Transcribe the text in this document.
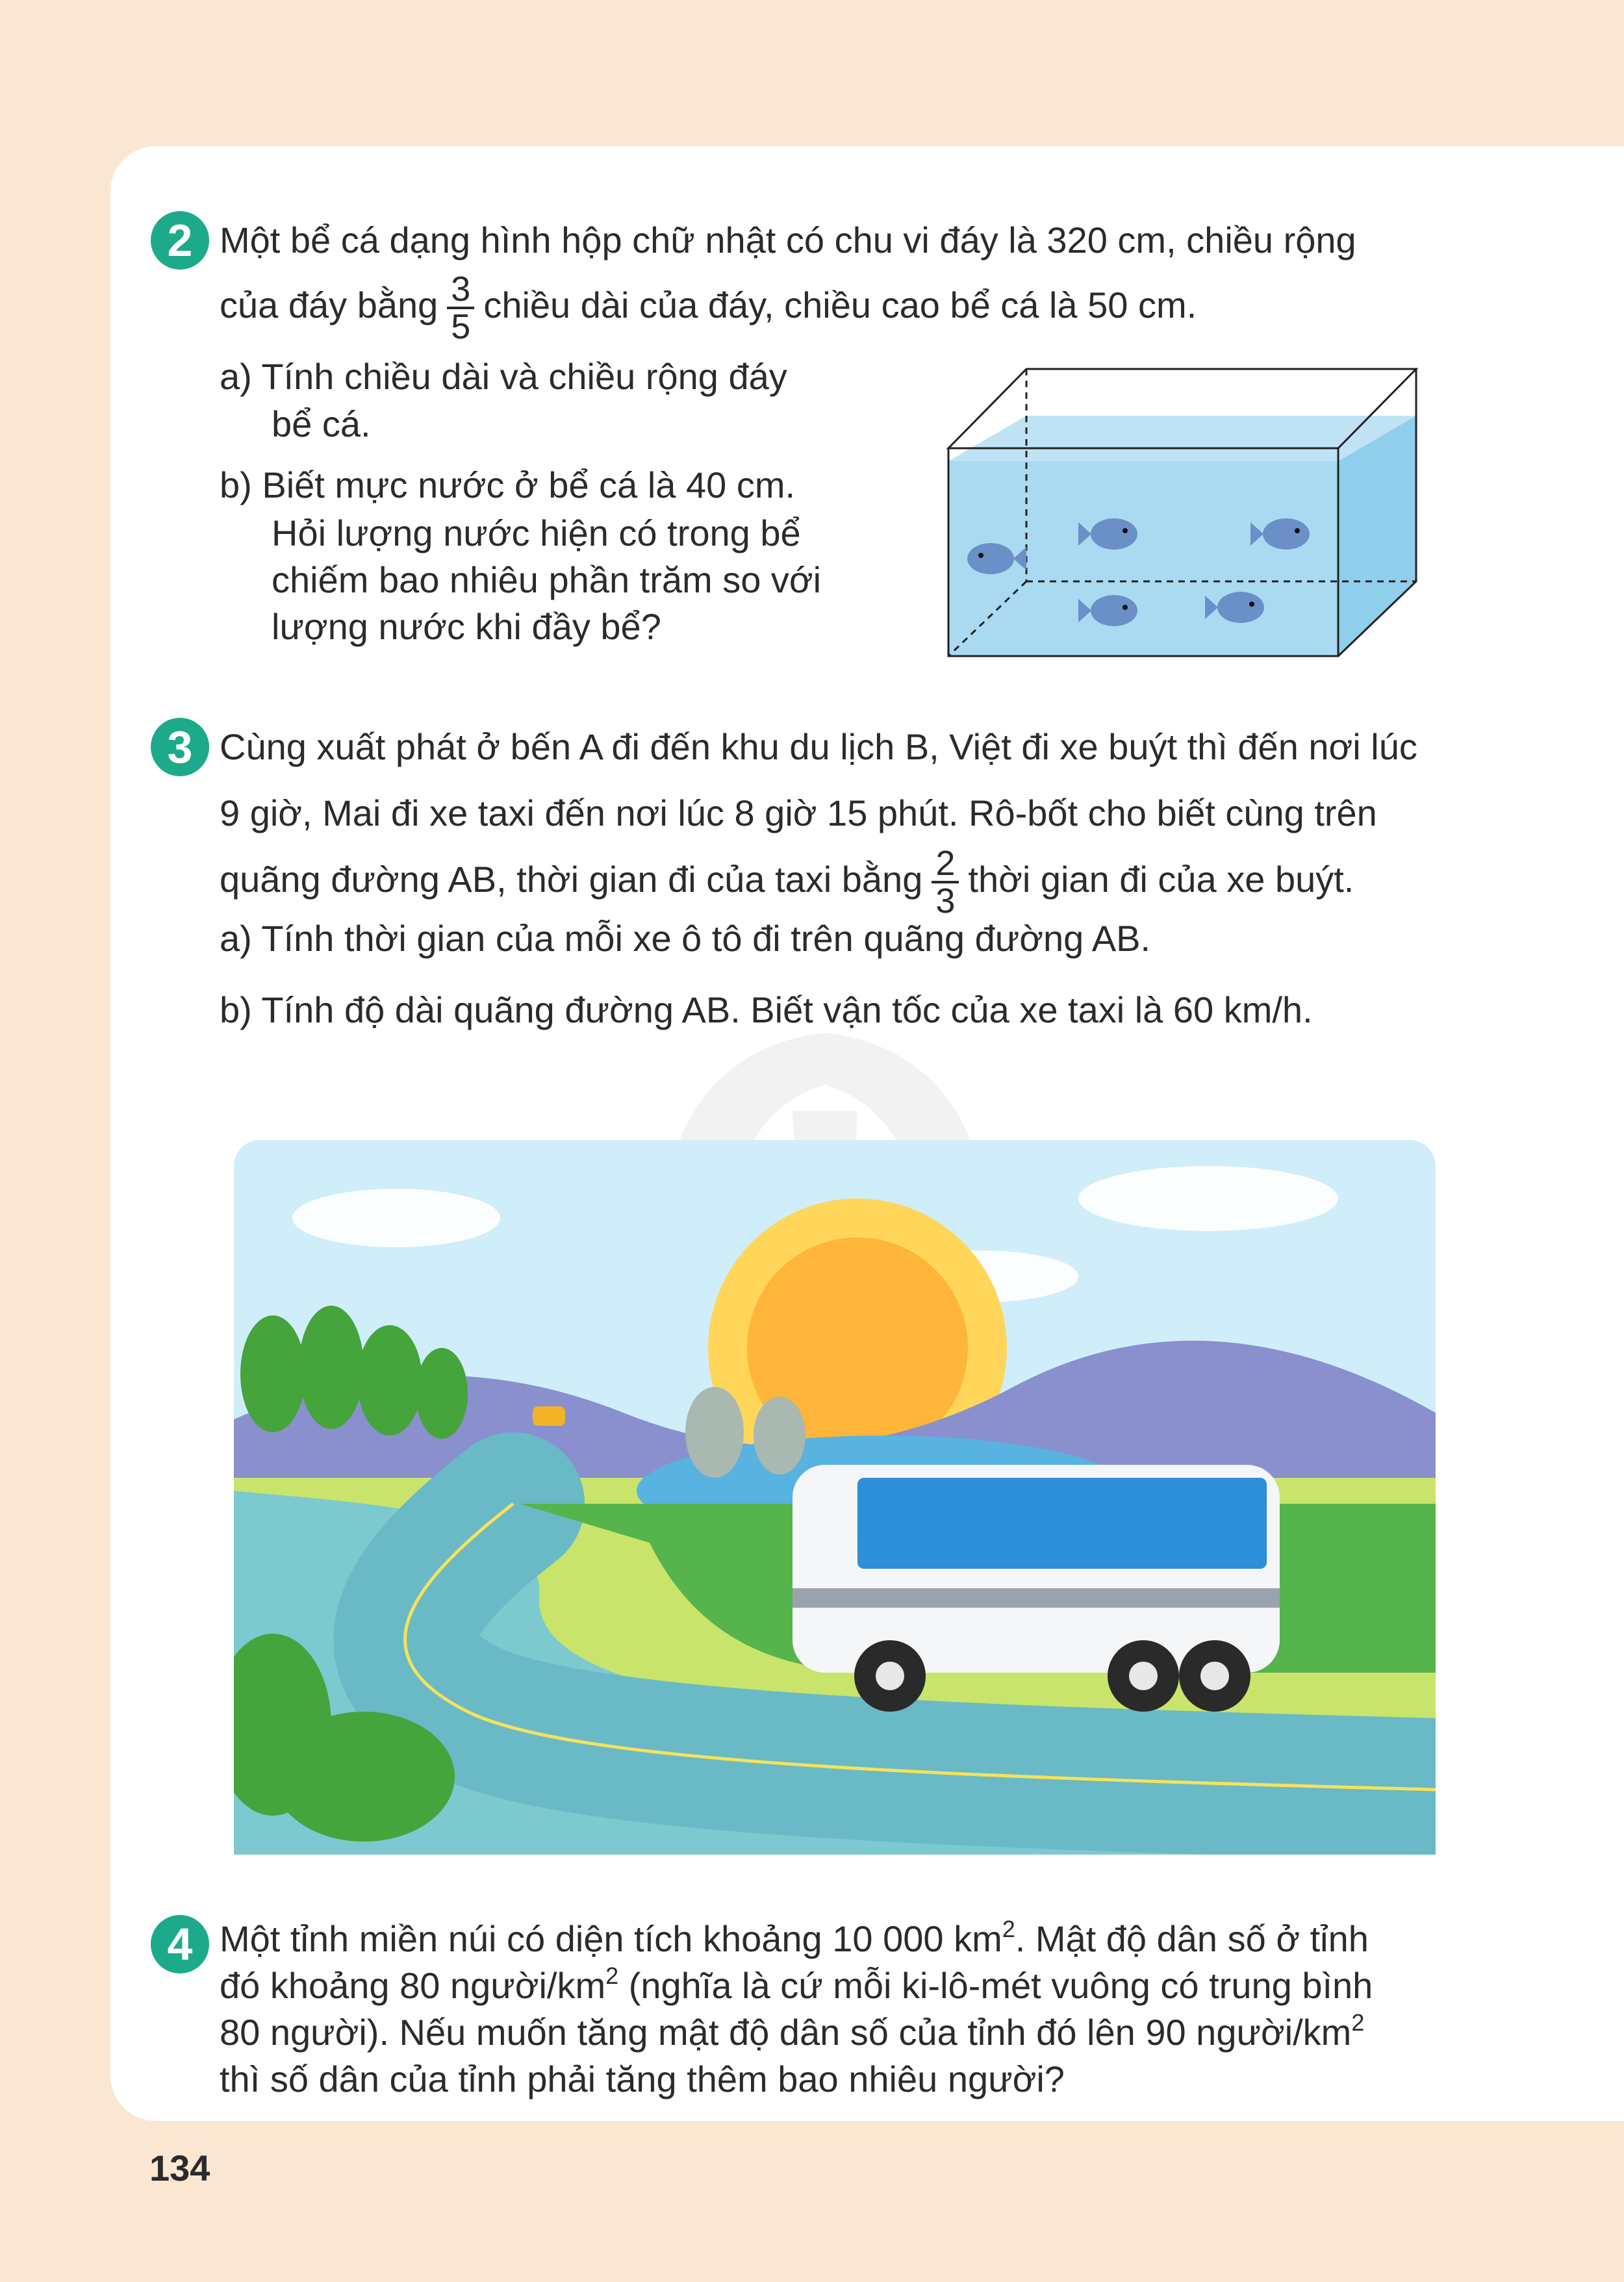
2 Một bể cá dạng hình hộp chữ nhật có chu vi đáy là 320 cm, chiều rộng
của đáy bằng $\frac{3}{5}$ chiều dài của đáy, chiều cao bể cá là 50 cm.
a) Tính chiều dài và chiều rộng đáy
bể cá.
b) Biết mực nước ở bể cá là 40 cm.
Hỏi lượng nước hiện có trong bể
chiếm bao nhiêu phần trăm so với
lượng nước khi đầy bể?
3 Cùng xuất phát ở bến A đi đến khu du lịch B, Việt đi xe buýt thì đến nơi lúc
9 giờ, Mai đi xe taxi đến nơi lúc 8 giờ 15 phút. Rô-bốt cho biết cùng trên
quãng đường AB, thời gian đi của taxi bằng $\frac{2}{3}$ thời gian đi của xe buýt.
a) Tính thời gian của mỗi xe ô tô đi trên quãng đường AB.
b) Tính độ dài quãng đường AB. Biết vận tốc của xe taxi là 60 km/h.
4 Một tỉnh miền núi có diện tích khoảng 10 000 $km^2$. Mật độ dân số ở tỉnh
đó khoảng 80 người/$km^2$ (nghĩa là cứ mỗi ki-lô-mét vuông có trung bình
80 người). Nếu muốn tăng mật độ dân số của tỉnh đó lên 90 người/$km^2$
thì số dân của tỉnh phải tăng thêm bao nhiêu người?
134
